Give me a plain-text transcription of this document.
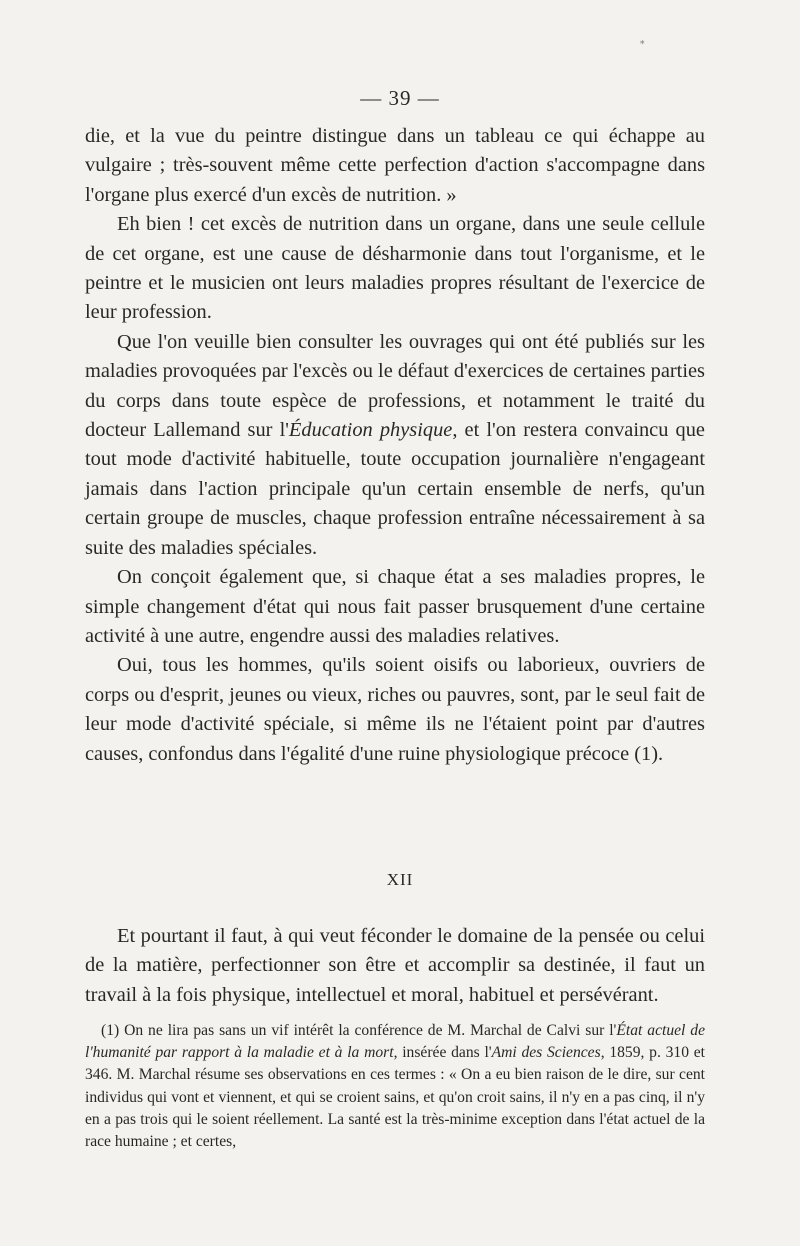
*
— 39 —

die, et la vue du peintre distingue dans un tableau ce qui échappe au vulgaire ; très-souvent même cette perfection d'action s'accompagne dans l'organe plus exercé d'un excès de nutrition. »

Eh bien ! cet excès de nutrition dans un organe, dans une seule cellule de cet organe, est une cause de désharmonie dans tout l'organisme, et le peintre et le musicien ont leurs maladies propres résultant de l'exercice de leur profession.

Que l'on veuille bien consulter les ouvrages qui ont été publiés sur les maladies provoquées par l'excès ou le défaut d'exercices de certaines parties du corps dans toute espèce de professions, et notamment le traité du docteur Lallemand sur l'Éducation physique, et l'on restera convaincu que tout mode d'activité habituelle, toute occupation journalière n'engageant jamais dans l'action principale qu'un certain ensemble de nerfs, qu'un certain groupe de muscles, chaque profession entraîne nécessairement à sa suite des maladies spéciales.

On conçoit également que, si chaque état a ses maladies propres, le simple changement d'état qui nous fait passer brusquement d'une certaine activité à une autre, engendre aussi des maladies relatives.

Oui, tous les hommes, qu'ils soient oisifs ou laborieux, ouvriers de corps ou d'esprit, jeunes ou vieux, riches ou pauvres, sont, par le seul fait de leur mode d'activité spéciale, si même ils ne l'étaient point par d'autres causes, confondus dans l'égalité d'une ruine physiologique précoce (1).

XII

Et pourtant il faut, à qui veut féconder le domaine de la pensée ou celui de la matière, perfectionner son être et accomplir sa destinée, il faut un travail à la fois physique, intellectuel et moral, habituel et persévérant.

(1) On ne lira pas sans un vif intérêt la conférence de M. Marchal de Calvi sur l'État actuel de l'humanité par rapport à la maladie et à la mort, insérée dans l'Ami des Sciences, 1859, p. 310 et 346. M. Marchal résume ses observations en ces termes : « On a eu bien raison de le dire, sur cent individus qui vont et viennent, et qui se croient sains, et qu'on croit sains, il n'y en a pas cinq, il n'y en a pas trois qui le soient réellement. La santé est la très-minime exception dans l'état actuel de la race humaine ; et certes,
